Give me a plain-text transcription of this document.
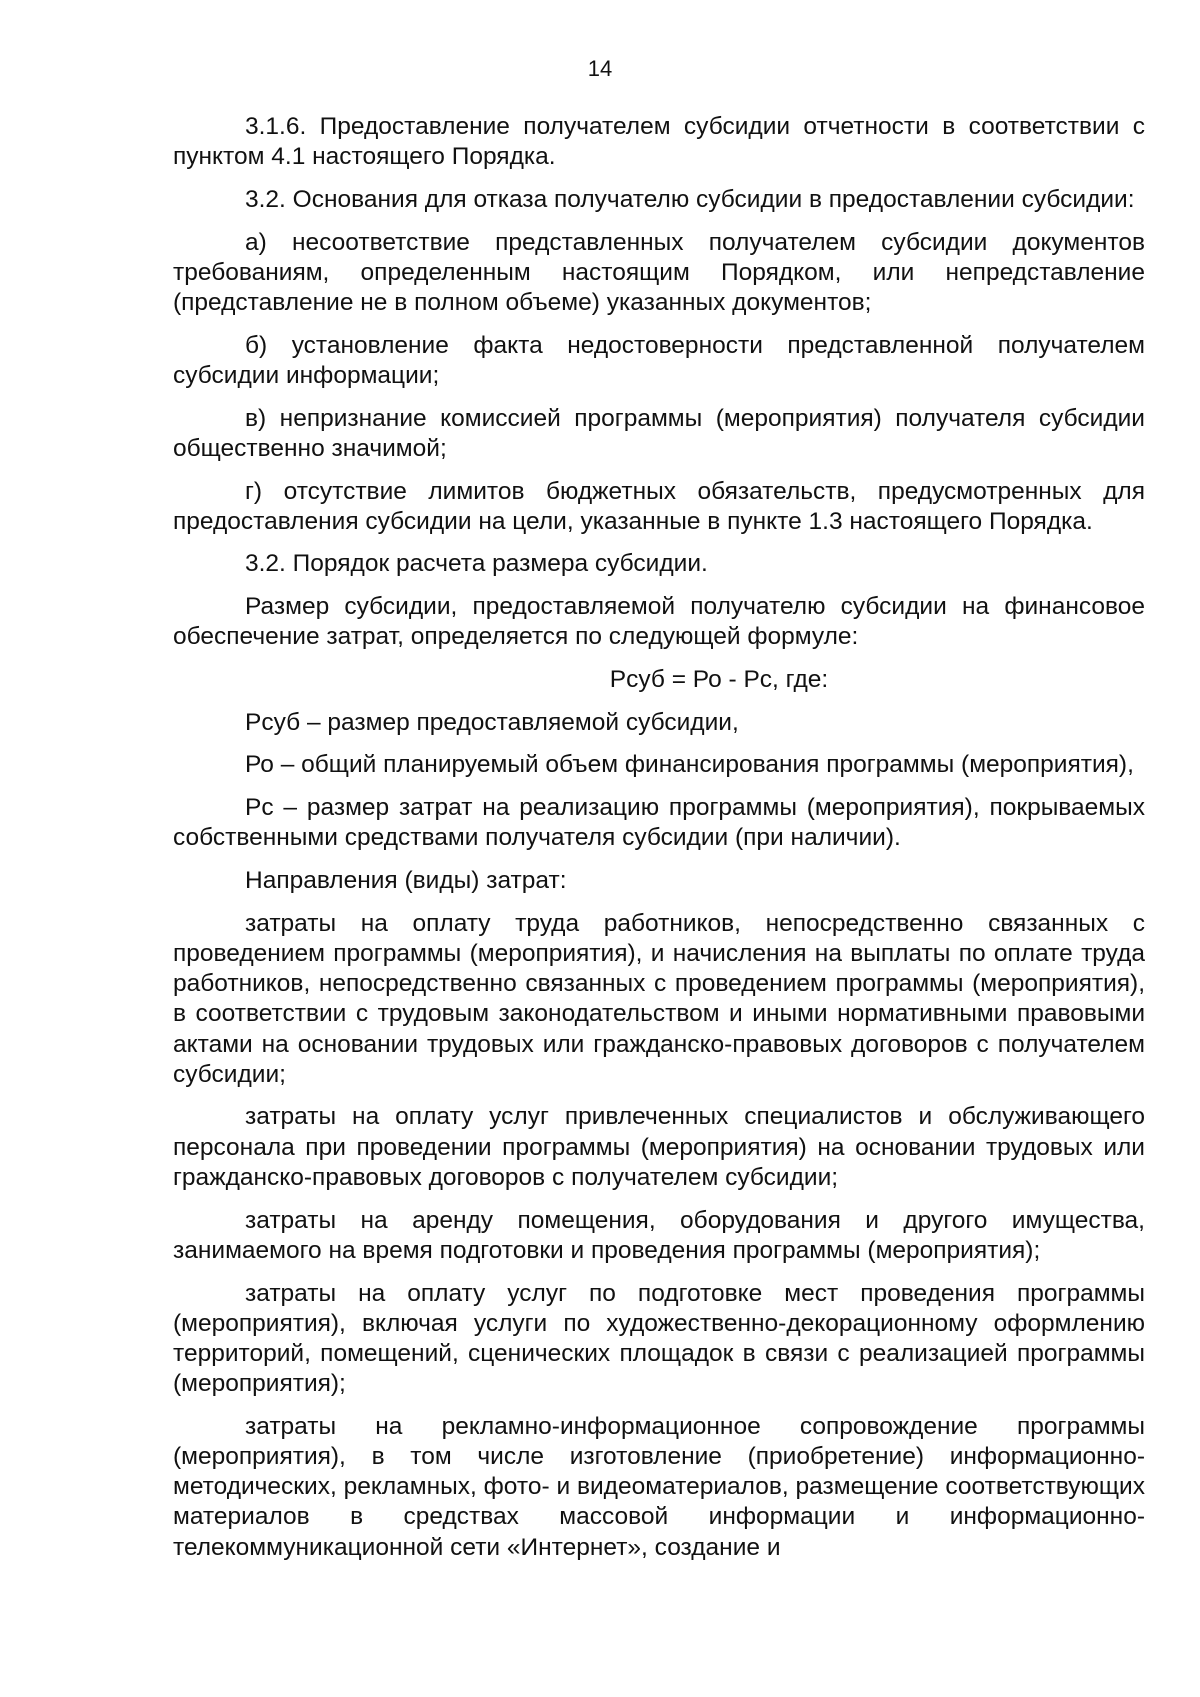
14

3.1.6. Предоставление получателем субсидии отчетности в соответствии с пунктом 4.1 настоящего Порядка.

3.2. Основания для отказа получателю субсидии в предоставлении субсидии:

а) несоответствие представленных получателем субсидии документов требованиям, определенным настоящим Порядком, или непредставление (представление не в полном объеме) указанных документов;

б) установление факта недостоверности представленной получателем субсидии информации;

в) непризнание комиссией программы (мероприятия) получателя субсидии общественно значимой;

г) отсутствие лимитов бюджетных обязательств, предусмотренных для предоставления субсидии на цели, указанные в пункте 1.3 настоящего Порядка.

3.2. Порядок расчета размера субсидии.

Размер субсидии, предоставляемой получателю субсидии на финансовое обеспечение затрат, определяется по следующей формуле:

Рсуб = Ро - Рс, где:

Рсуб – размер предоставляемой субсидии,

Ро – общий планируемый объем финансирования программы (мероприятия),

Рс – размер затрат на реализацию программы (мероприятия), покрываемых собственными средствами получателя субсидии (при наличии).

Направления (виды) затрат:

затраты на оплату труда работников, непосредственно связанных с проведением программы (мероприятия), и начисления на выплаты по оплате труда работников, непосредственно связанных с проведением программы (мероприятия), в соответствии с трудовым законодательством и иными нормативными правовыми актами на основании трудовых или гражданско-правовых договоров с получателем субсидии;

затраты на оплату услуг привлеченных специалистов и обслуживающего персонала при проведении программы (мероприятия) на основании трудовых или гражданско-правовых договоров с получателем субсидии;

затраты на аренду помещения, оборудования и другого имущества, занимаемого на время подготовки и проведения программы (мероприятия);

затраты на оплату услуг по подготовке мест проведения программы (мероприятия), включая услуги по художественно-декорационному оформлению территорий, помещений, сценических площадок в связи с реализацией программы (мероприятия);

затраты на рекламно-информационное сопровождение программы (мероприятия), в том числе изготовление (приобретение) информационно-методических, рекламных, фото- и видеоматериалов, размещение соответствующих материалов в средствах массовой информации и информационно-телекоммуникационной сети «Интернет», создание и
